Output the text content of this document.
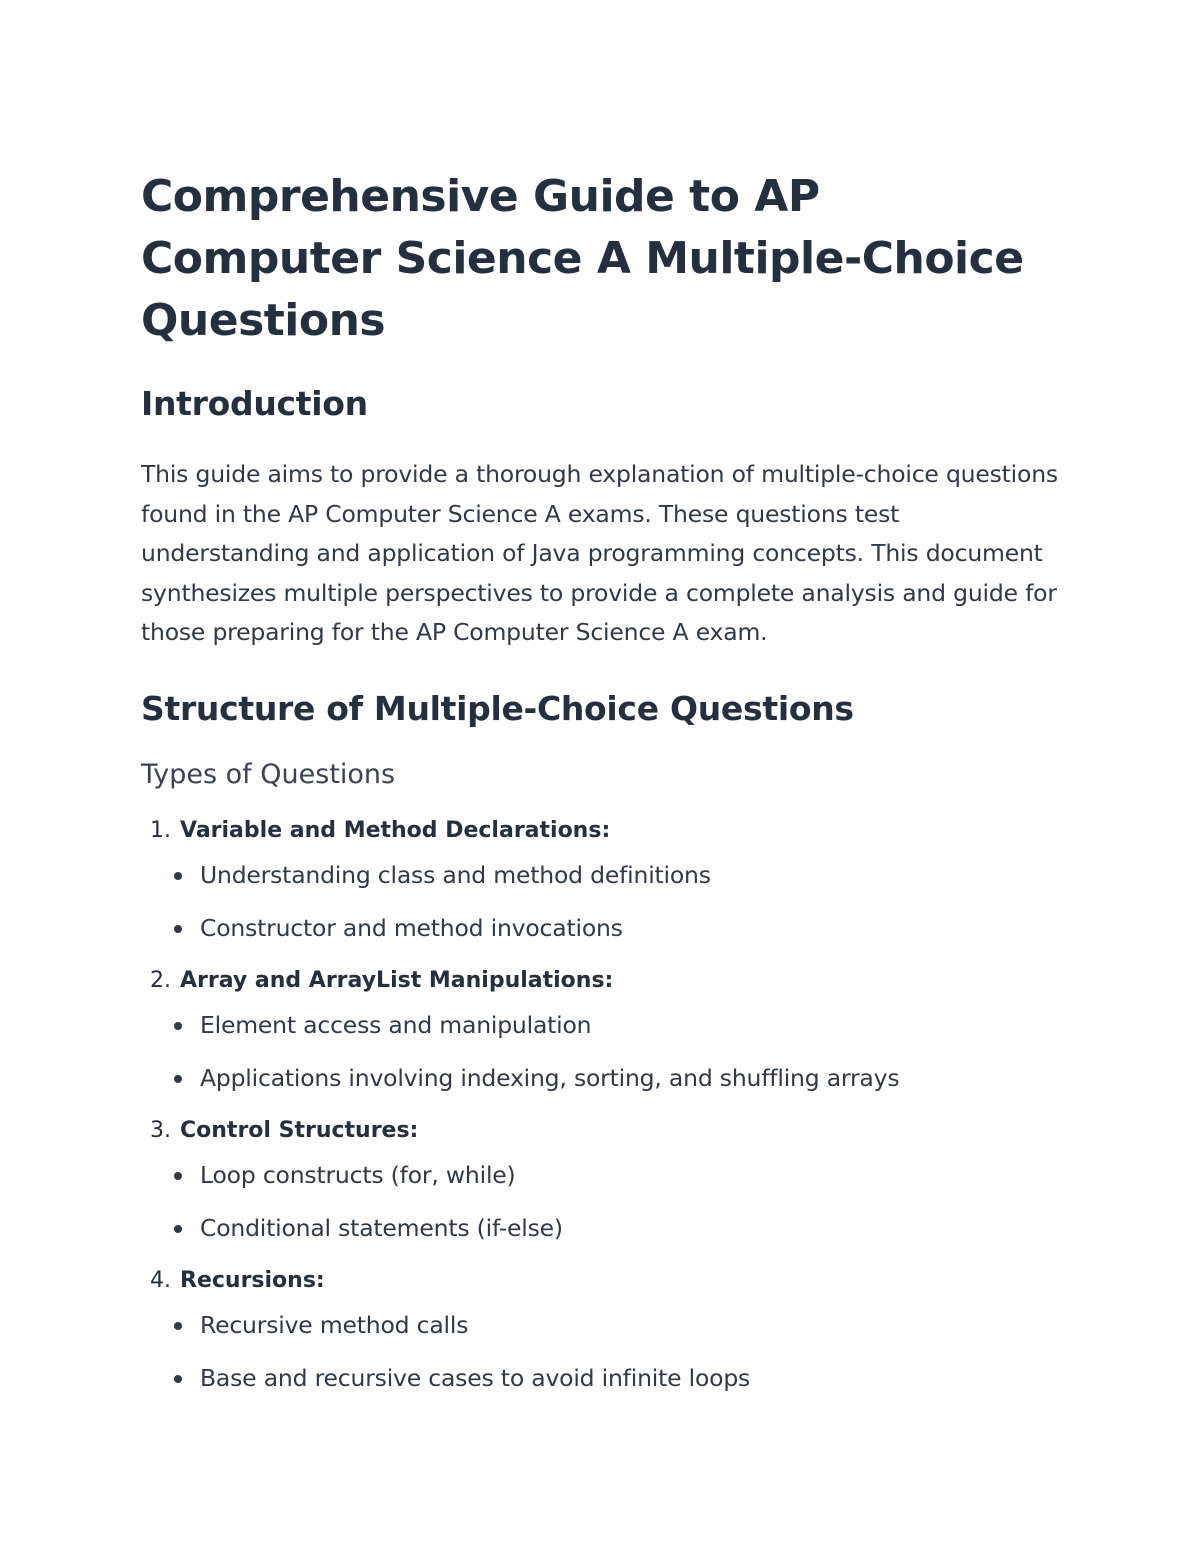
Comprehensive Guide to AP Computer Science A Multiple-Choice Questions
Introduction

This guide aims to provide a thorough explanation of multiple-choice questions found in the AP Computer Science A exams. These questions test understanding and application of Java programming concepts. This document synthesizes multiple perspectives to provide a complete analysis and guide for those preparing for the AP Computer Science A exam.

Structure of Multiple-Choice Questions
Types of Questions
1. Variable and Method Declarations:
Understanding class and method definitions
Constructor and method invocations
2. Array and ArrayList Manipulations:
Element access and manipulation
Applications involving indexing, sorting, and shuffling arrays
3. Control Structures:
Loop constructs (for, while)
Conditional statements (if-else)
4. Recursions:
Recursive method calls
Base and recursive cases to avoid infinite loops
